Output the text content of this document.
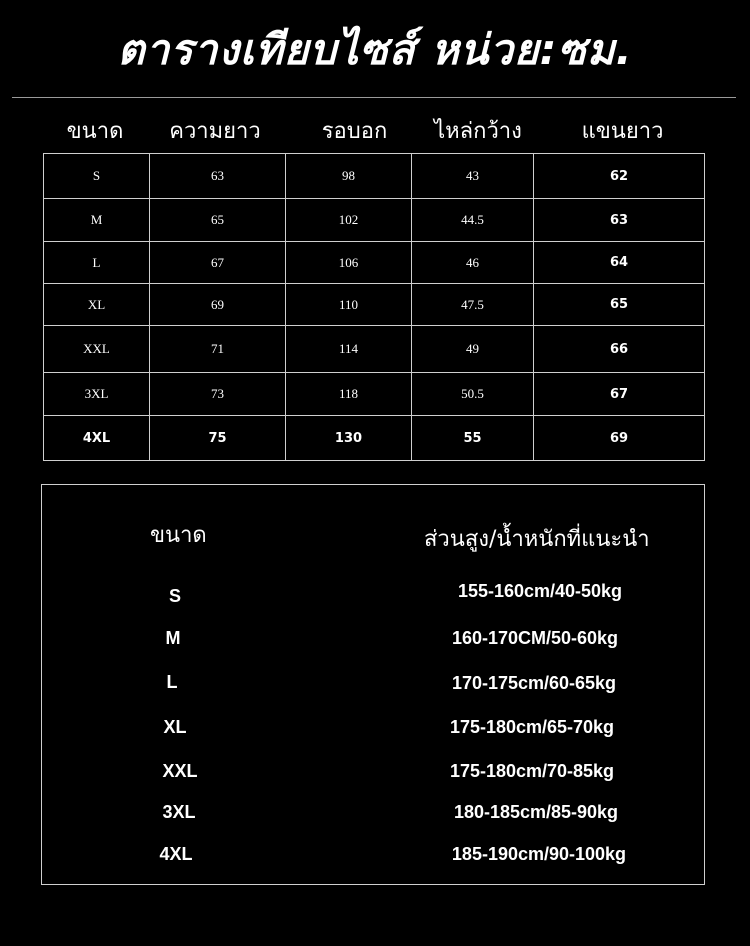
ตารางเทียบไซส์ หน่วย:ซม.
ขนาด	ความยาว	รอบอก	ไหล่กว้าง	แขนยาว
S	63	98	43	62
M	65	102	44.5	63
L	67	106	46	64
XL	69	110	47.5	65
XXL	71	114	49	66
3XL	73	118	50.5	67
4XL	75	130	55	69
ขนาด	ส่วนสูง/น้ำหนักที่แนะนำ
S	155-160cm/40-50kg
M	160-170CM/50-60kg
L	170-175cm/60-65kg
XL	175-180cm/65-70kg
XXL	175-180cm/70-85kg
3XL	180-185cm/85-90kg
4XL	185-190cm/90-100kg
